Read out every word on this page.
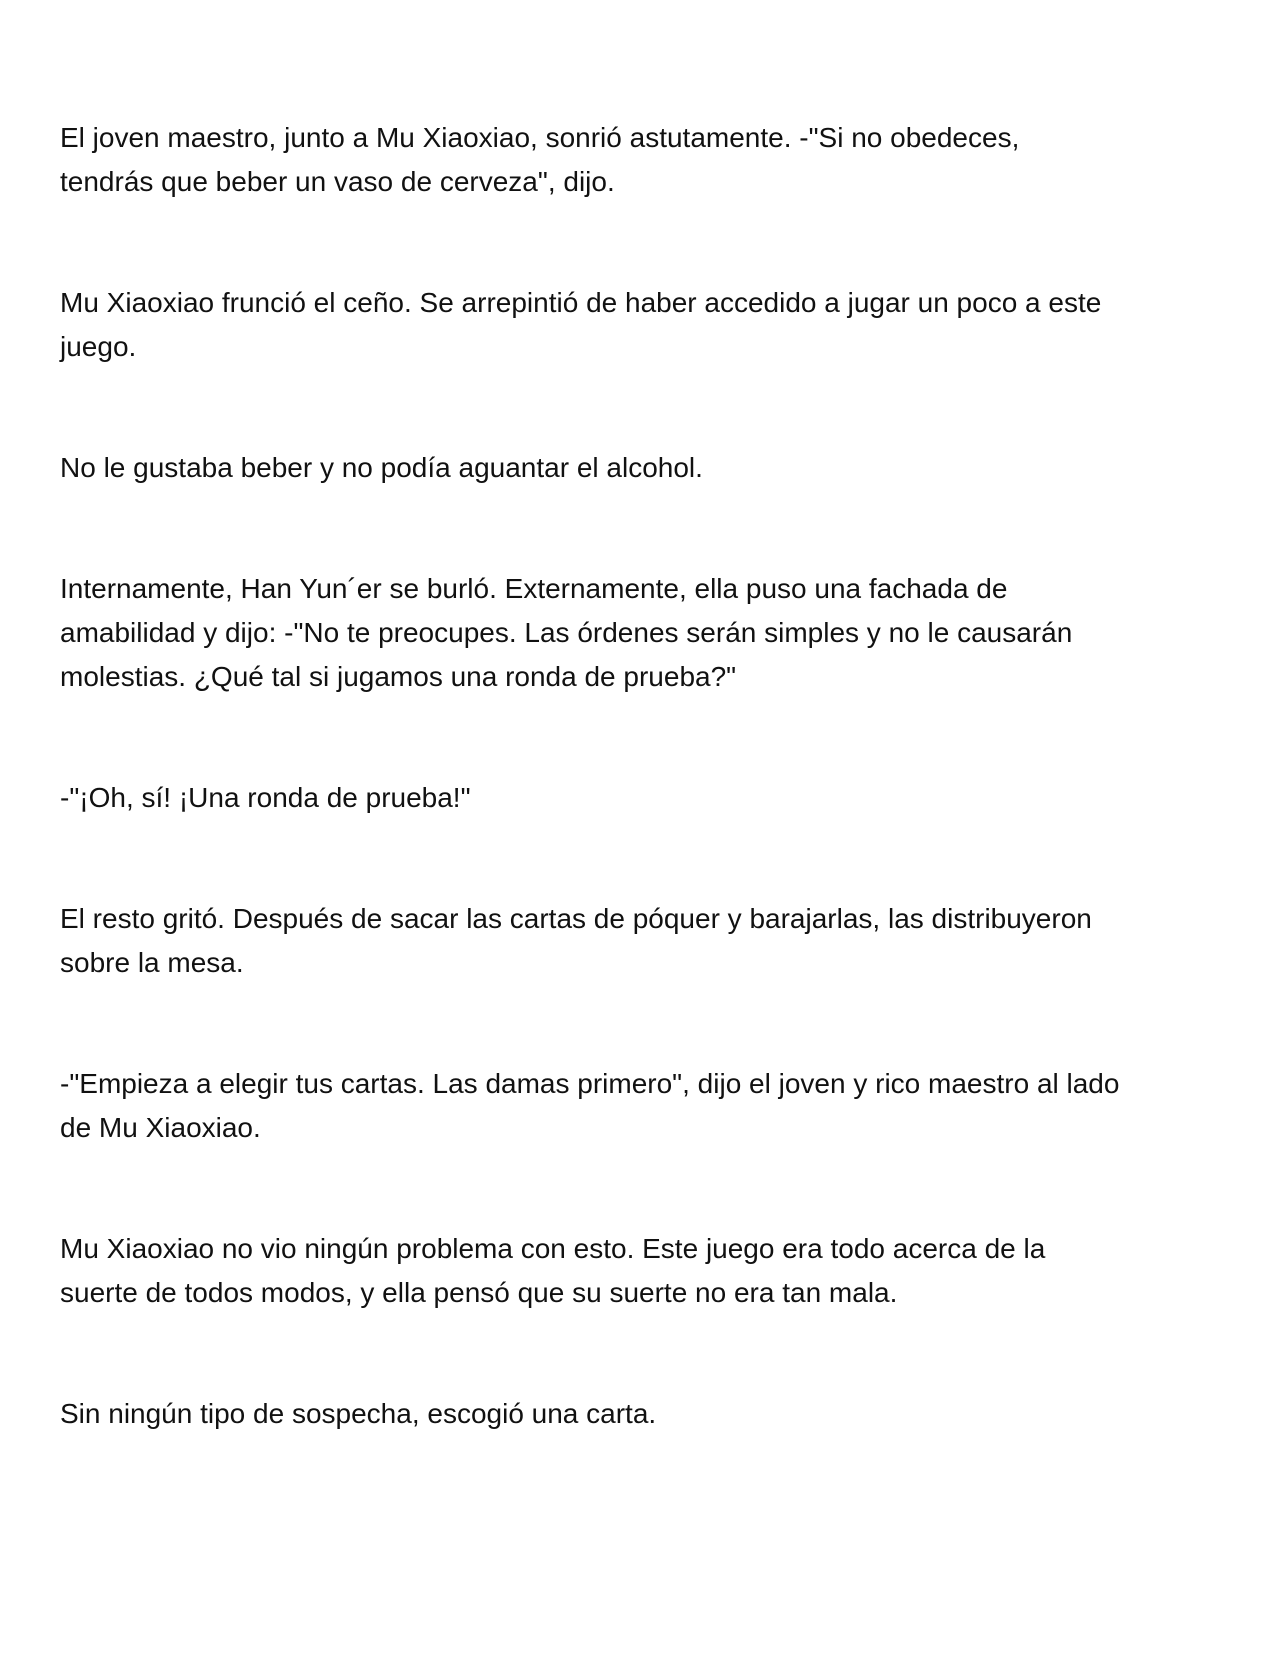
El joven maestro, junto a Mu Xiaoxiao, sonrió astutamente. -"Si no obedeces,
tendrás que beber un vaso de cerveza", dijo.

Mu Xiaoxiao frunció el ceño. Se arrepintió de haber accedido a jugar un poco a este
juego.

No le gustaba beber y no podía aguantar el alcohol.

Internamente, Han Yun´er se burló. Externamente, ella puso una fachada de
amabilidad y dijo: -"No te preocupes. Las órdenes serán simples y no le causarán
molestias. ¿Qué tal si jugamos una ronda de prueba?"

-"¡Oh, sí! ¡Una ronda de prueba!"

El resto gritó. Después de sacar las cartas de póquer y barajarlas, las distribuyeron
sobre la mesa.

-"Empieza a elegir tus cartas. Las damas primero", dijo el joven y rico maestro al lado
de Mu Xiaoxiao.

Mu Xiaoxiao no vio ningún problema con esto. Este juego era todo acerca de la
suerte de todos modos, y ella pensó que su suerte no era tan mala.

Sin ningún tipo de sospecha, escogió una carta.
